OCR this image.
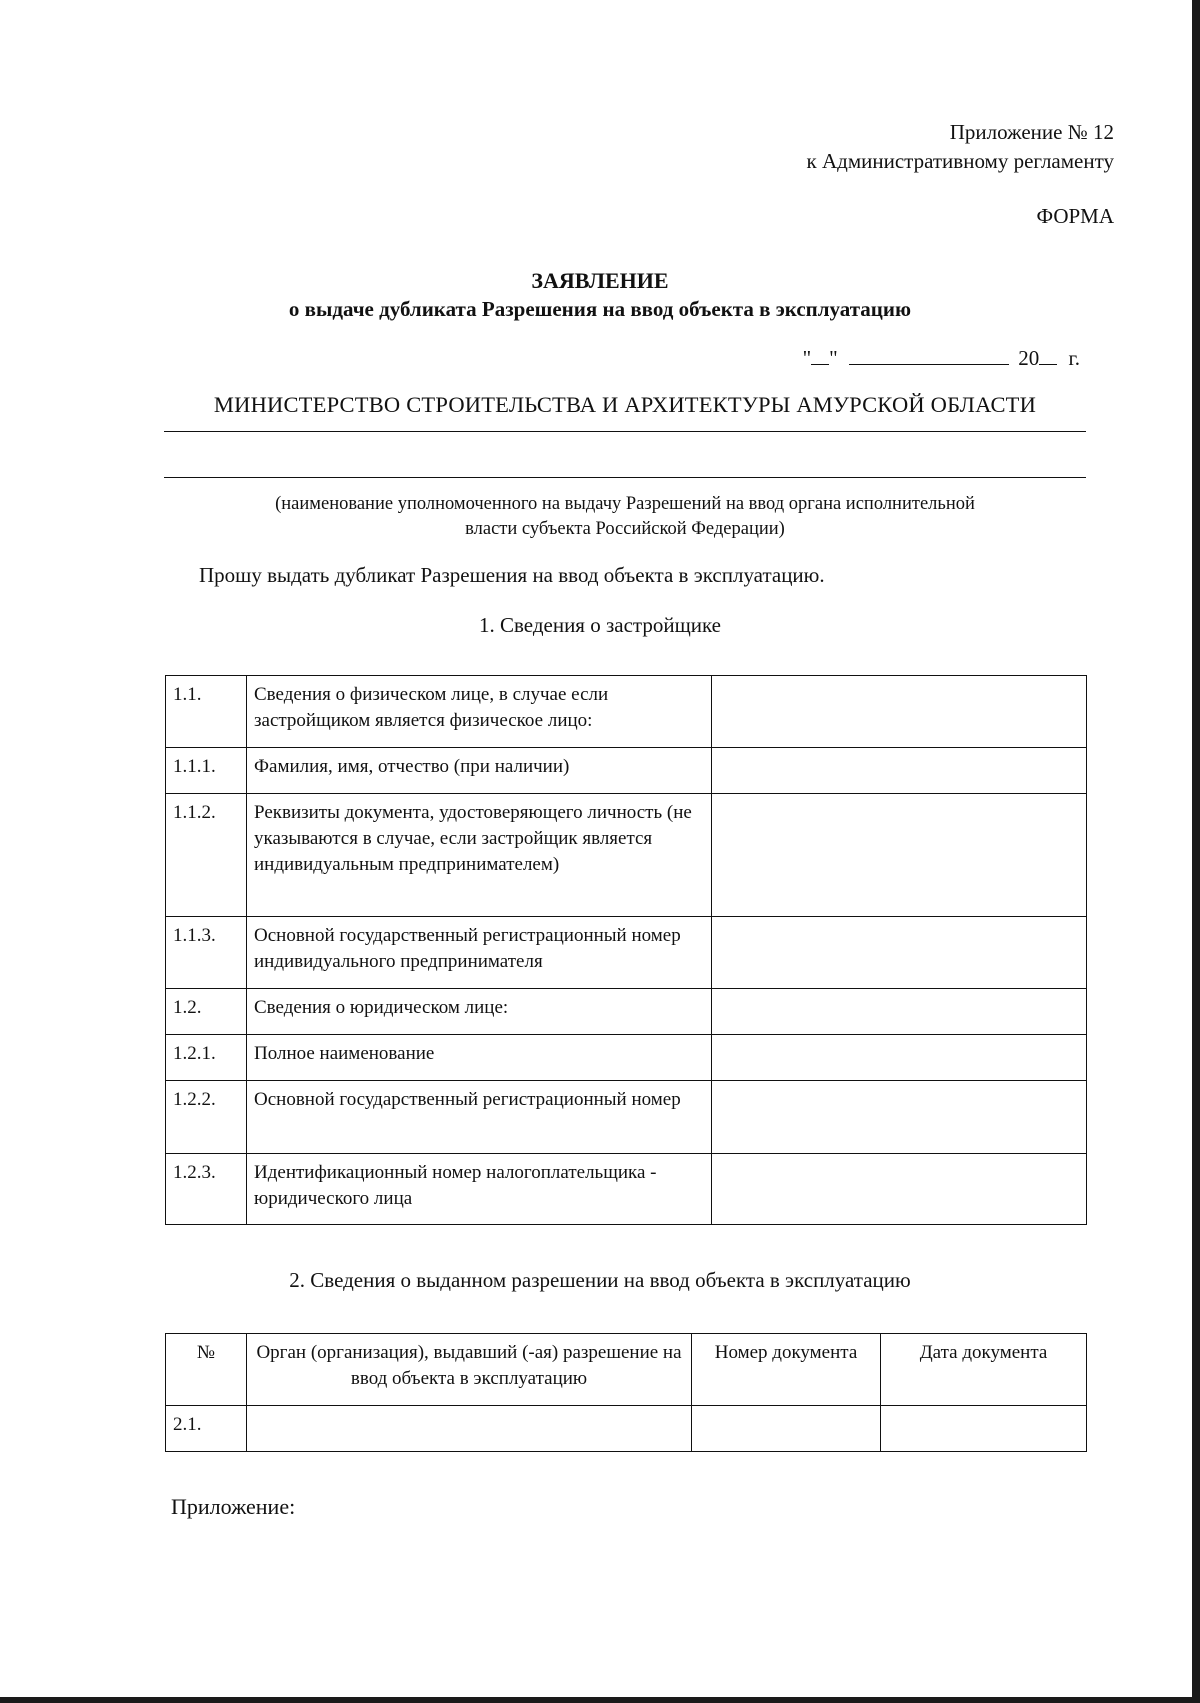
Приложение № 12
к Административному регламенту
ФОРМА
ЗАЯВЛЕНИЕ
о выдаче дубликата Разрешения на ввод объекта в эксплуатацию
" "	20 г.
МИНИСТЕРСТВО СТРОИТЕЛЬСТВА И АРХИТЕКТУРЫ АМУРСКОЙ ОБЛАСТИ
(наименование уполномоченного на выдачу Разрешений на ввод органа исполнительной
власти субъекта Российской Федерации)
Прошу выдать дубликат Разрешения на ввод объекта в эксплуатацию.
1. Сведения о застройщике
1.1.	Сведения о физическом лице, в случае если застройщиком является физическое лицо:	
1.1.1.	Фамилия, имя, отчество (при наличии)	
1.1.2.	Реквизиты документа, удостоверяющего личность (не указываются в случае, если застройщик является индивидуальным предпринимателем)	
1.1.3.	Основной государственный регистрационный номер индивидуального предпринимателя	
1.2.	Сведения о юридическом лице:	
1.2.1.	Полное наименование	
1.2.2.	Основной государственный регистрационный номер	
1.2.3.	Идентификационный номер налогоплательщика - юридического лица	
2. Сведения о выданном разрешении на ввод объекта в эксплуатацию
№	Орган (организация), выдавший (-ая) разрешение на ввод объекта в эксплуатацию	Номер документа	Дата документа
2.1.			
Приложение:
